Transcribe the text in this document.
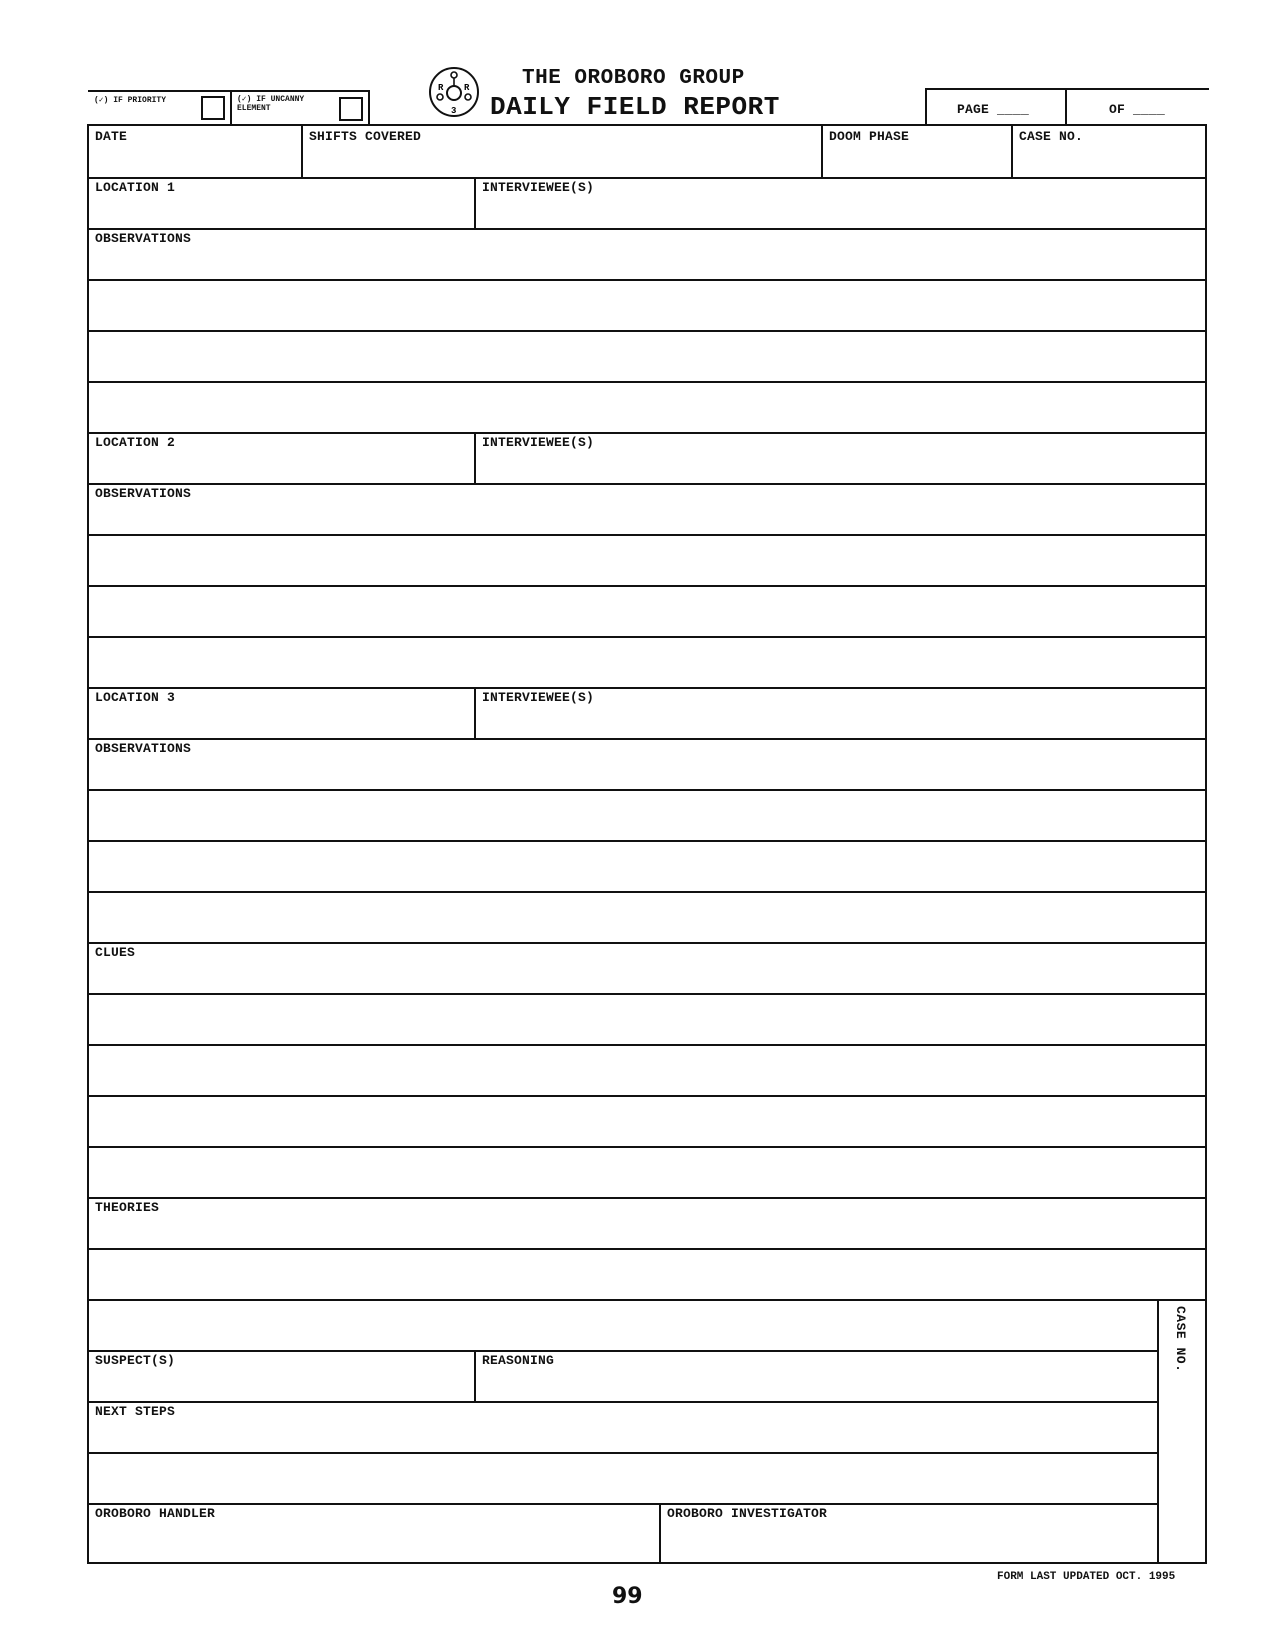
(✓) IF PRIORITY	(✓) IF UNCANNY
ELEMENT
R R
3
THE OROBORO GROUP
DAILY FIELD REPORT	PAGE ____	OF ____
DATE	SHIFTS COVERED	DOOM PHASE	CASE NO.
LOCATION 1	INTERVIEWEE(S)
OBSERVATIONS
LOCATION 2	INTERVIEWEE(S)
OBSERVATIONS
LOCATION 3	INTERVIEWEE(S)
OBSERVATIONS
CLUES
THEORIES
CASE NO.
SUSPECT(S)	REASONING
NEXT STEPS
OROBORO HANDLER	OROBORO INVESTIGATOR
FORM LAST UPDATED OCT. 1995
99
